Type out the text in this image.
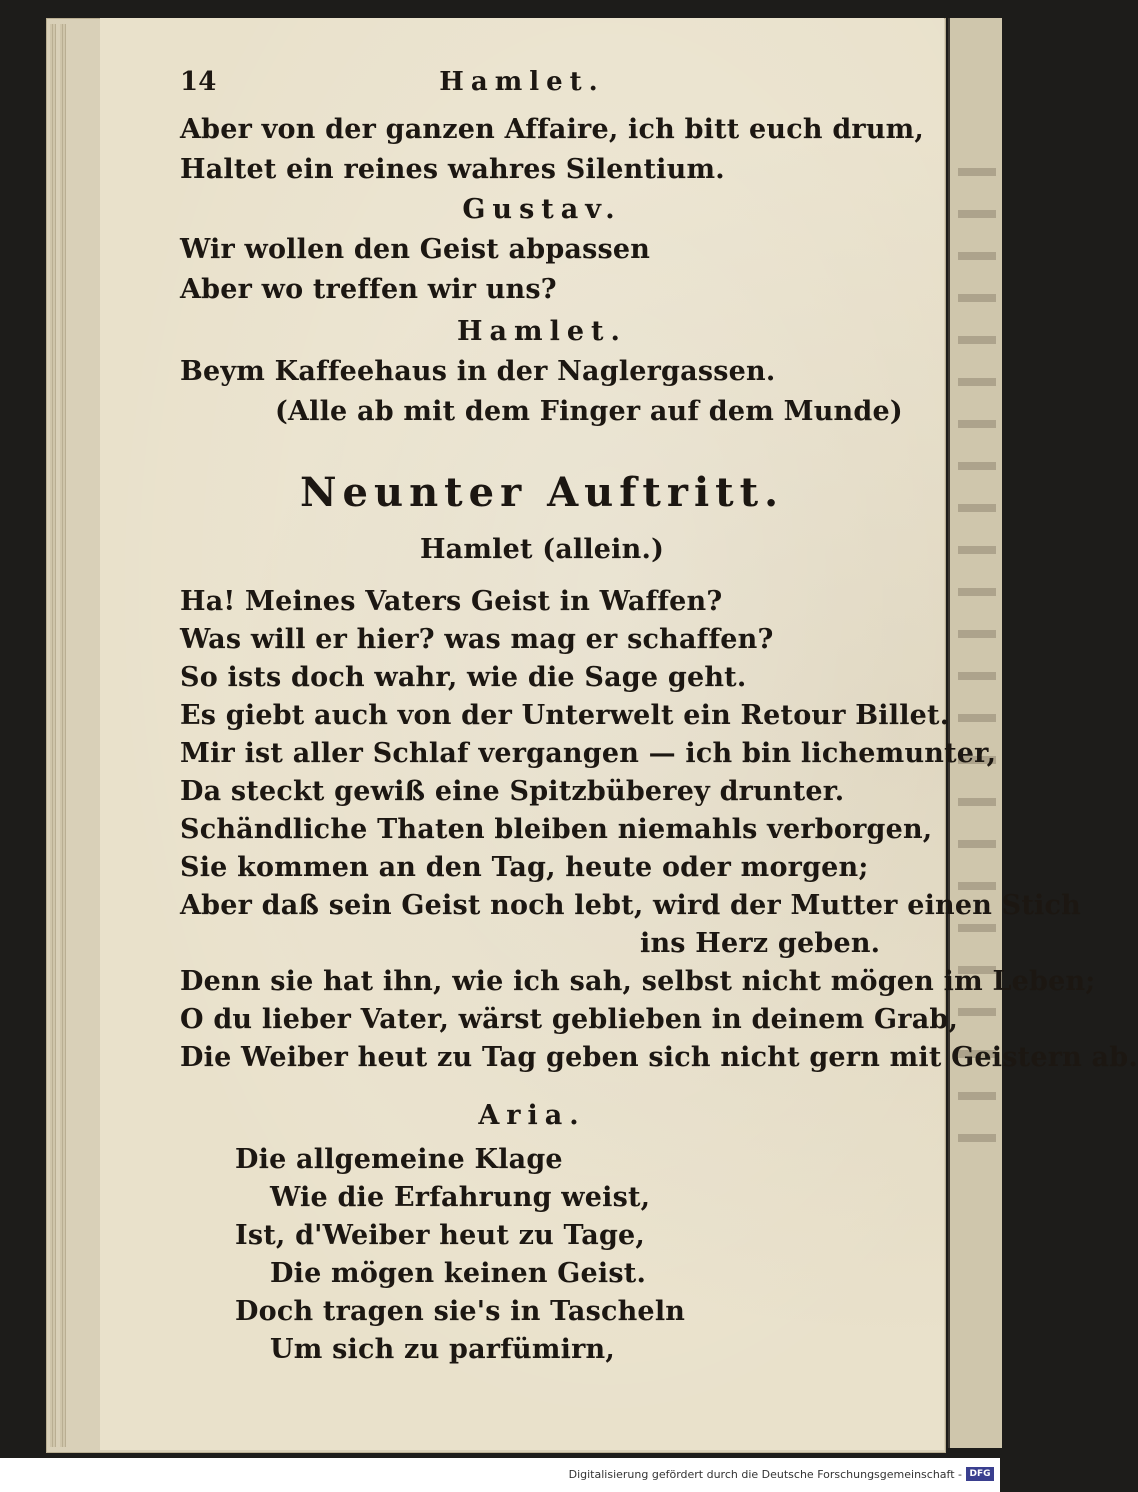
14	Hamlet.
Aber von der ganzen Affaire, ich bitt euch drum,
Haltet ein reines wahres Silentium.
Gustav.
Wir wollen den Geist abpassen
Aber wo treffen wir uns?
Hamlet.
Beym Kaffeehaus in der Naglergassen.
(Alle ab mit dem Finger auf dem Munde)
Neunter Auftritt.
Hamlet (allein.)
Ha! Meines Vaters Geist in Waffen?
Was will er hier? was mag er schaffen?
So ists doch wahr, wie die Sage geht.
Es giebt auch von der Unterwelt ein Retour Billet.
Mir ist aller Schlaf vergangen — ich bin lichemunter,
Da steckt gewiß eine Spitzbüberey drunter.
Schändliche Thaten bleiben niemahls verborgen,
Sie kommen an den Tag, heute oder morgen;
Aber daß sein Geist noch lebt, wird der Mutter einen Stich
ins Herz geben.
Denn sie hat ihn, wie ich sah, selbst nicht mögen im Leben;
O du lieber Vater, wärst geblieben in deinem Grab,
Die Weiber heut zu Tag geben sich nicht gern mit Geistern ab.
Aria.
Die allgemeine Klage
Wie die Erfahrung weist,
Ist, d'Weiber heut zu Tage,
Die mögen keinen Geist.
Doch tragen sie's in Tascheln
Um sich zu parfümirn,
Digitalisierung gefördert durch die Deutsche Forschungsgemeinschaft - DFG
